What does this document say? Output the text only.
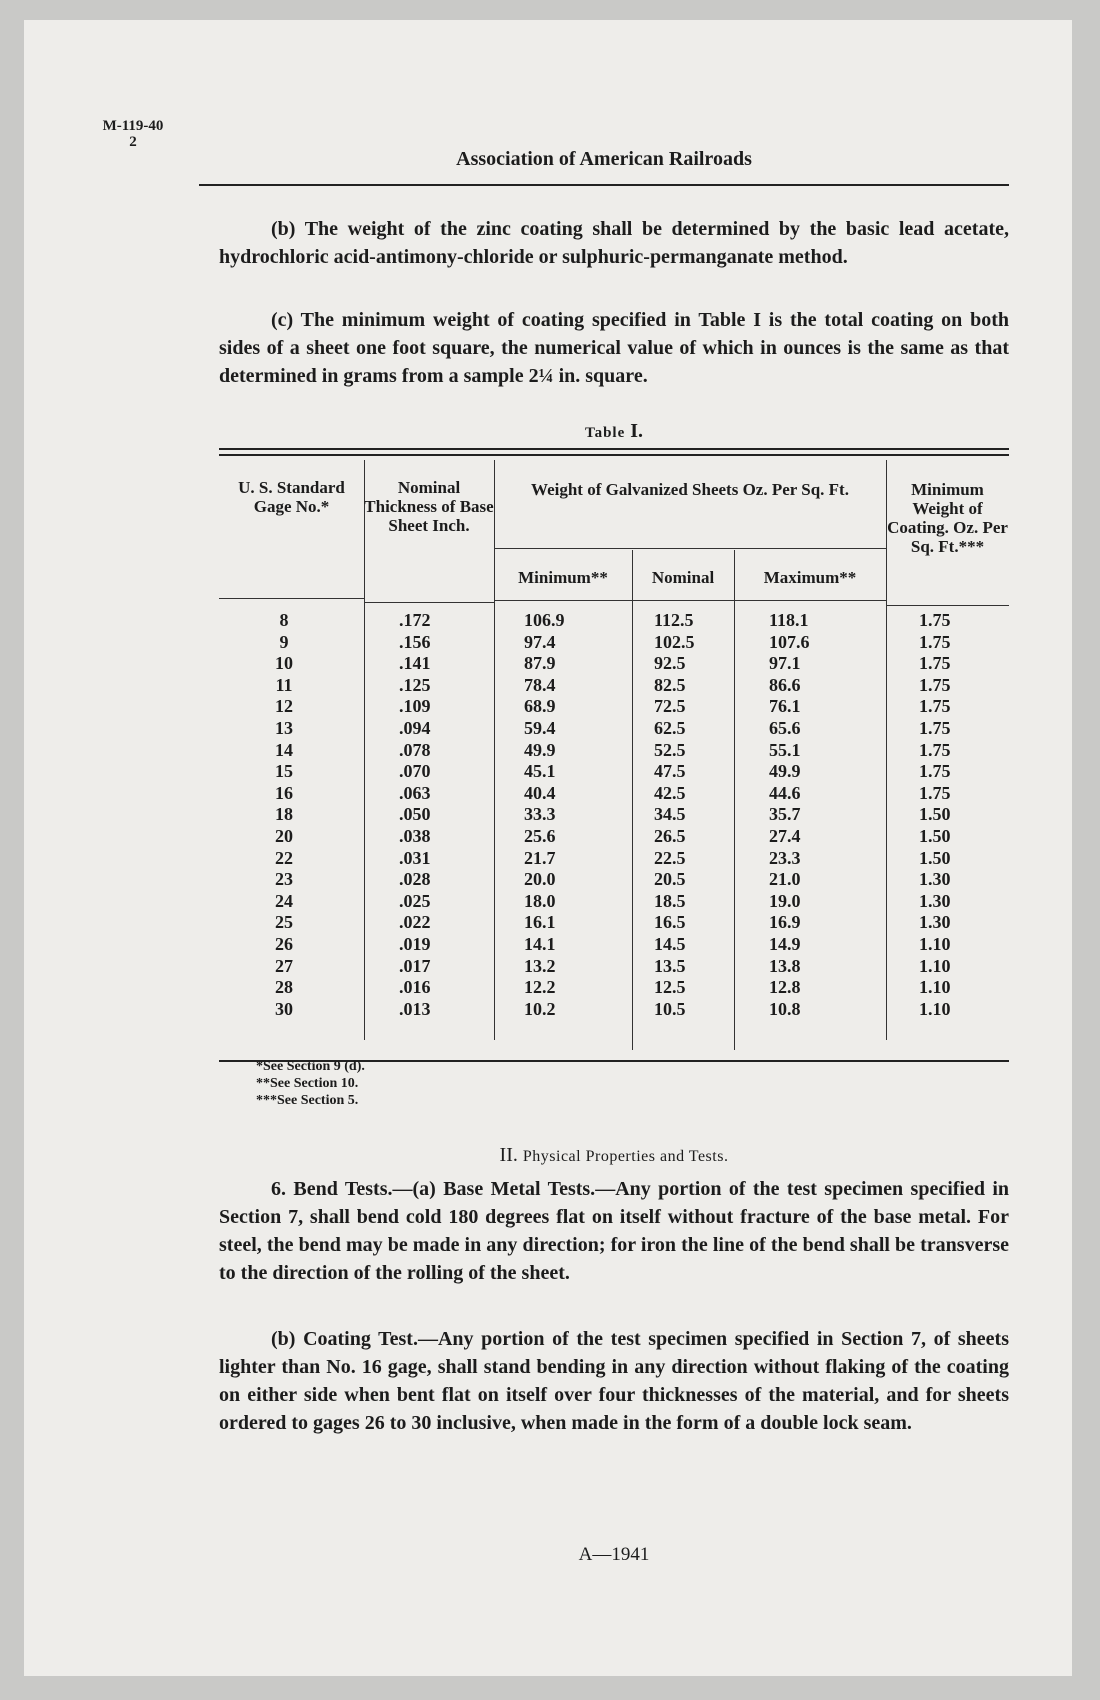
M-119-40
2
Association of American Railroads

(b) The weight of the zinc coating shall be determined by the basic lead acetate, hydrochloric acid-antimony-chloride or sulphuric-permanganate method.

(c) The minimum weight of coating specified in Table I is the total coating on both sides of a sheet one foot square, the numerical value of which in ounces is the same as that determined in grams from a sample 2¼ in. square.

Table I.
U. S. Standard Gage No.*
Nominal Thickness of Base Sheet Inch.
Weight of Galvanized Sheets Oz. Per Sq. Ft.
Minimum**	Nominal	Maximum**
Minimum Weight of Coating. Oz. Per Sq. Ft.***
8
9
10
11
12
13
14
15
16
18
20
22
23
24
25
26
27
28
30
.172
.156
.141
.125
.109
.094
.078
.070
.063
.050
.038
.031
.028
.025
.022
.019
.017
.016
.013
106.9
97.4
87.9
78.4
68.9
59.4
49.9
45.1
40.4
33.3
25.6
21.7
20.0
18.0
16.1
14.1
13.2
12.2
10.2
112.5
102.5
92.5
82.5
72.5
62.5
52.5
47.5
42.5
34.5
26.5
22.5
20.5
18.5
16.5
14.5
13.5
12.5
10.5
118.1
107.6
97.1
86.6
76.1
65.6
55.1
49.9
44.6
35.7
27.4
23.3
21.0
19.0
16.9
14.9
13.8
12.8
10.8
1.75
1.75
1.75
1.75
1.75
1.75
1.75
1.75
1.75
1.50
1.50
1.50
1.30
1.30
1.30
1.10
1.10
1.10
1.10
*See Section 9 (d).
**See Section 10.
***See Section 5.
II. Physical Properties and Tests.

6. Bend Tests.—(a) Base Metal Tests.—Any portion of the test specimen specified in Section 7, shall bend cold 180 degrees flat on itself without fracture of the base metal. For steel, the bend may be made in any direction; for iron the line of the bend shall be transverse to the direction of the rolling of the sheet.

(b) Coating Test.—Any portion of the test specimen specified in Section 7, of sheets lighter than No. 16 gage, shall stand bending in any direction without flaking of the coating on either side when bent flat on itself over four thicknesses of the material, and for sheets ordered to gages 26 to 30 inclusive, when made in the form of a double lock seam.

A—1941
